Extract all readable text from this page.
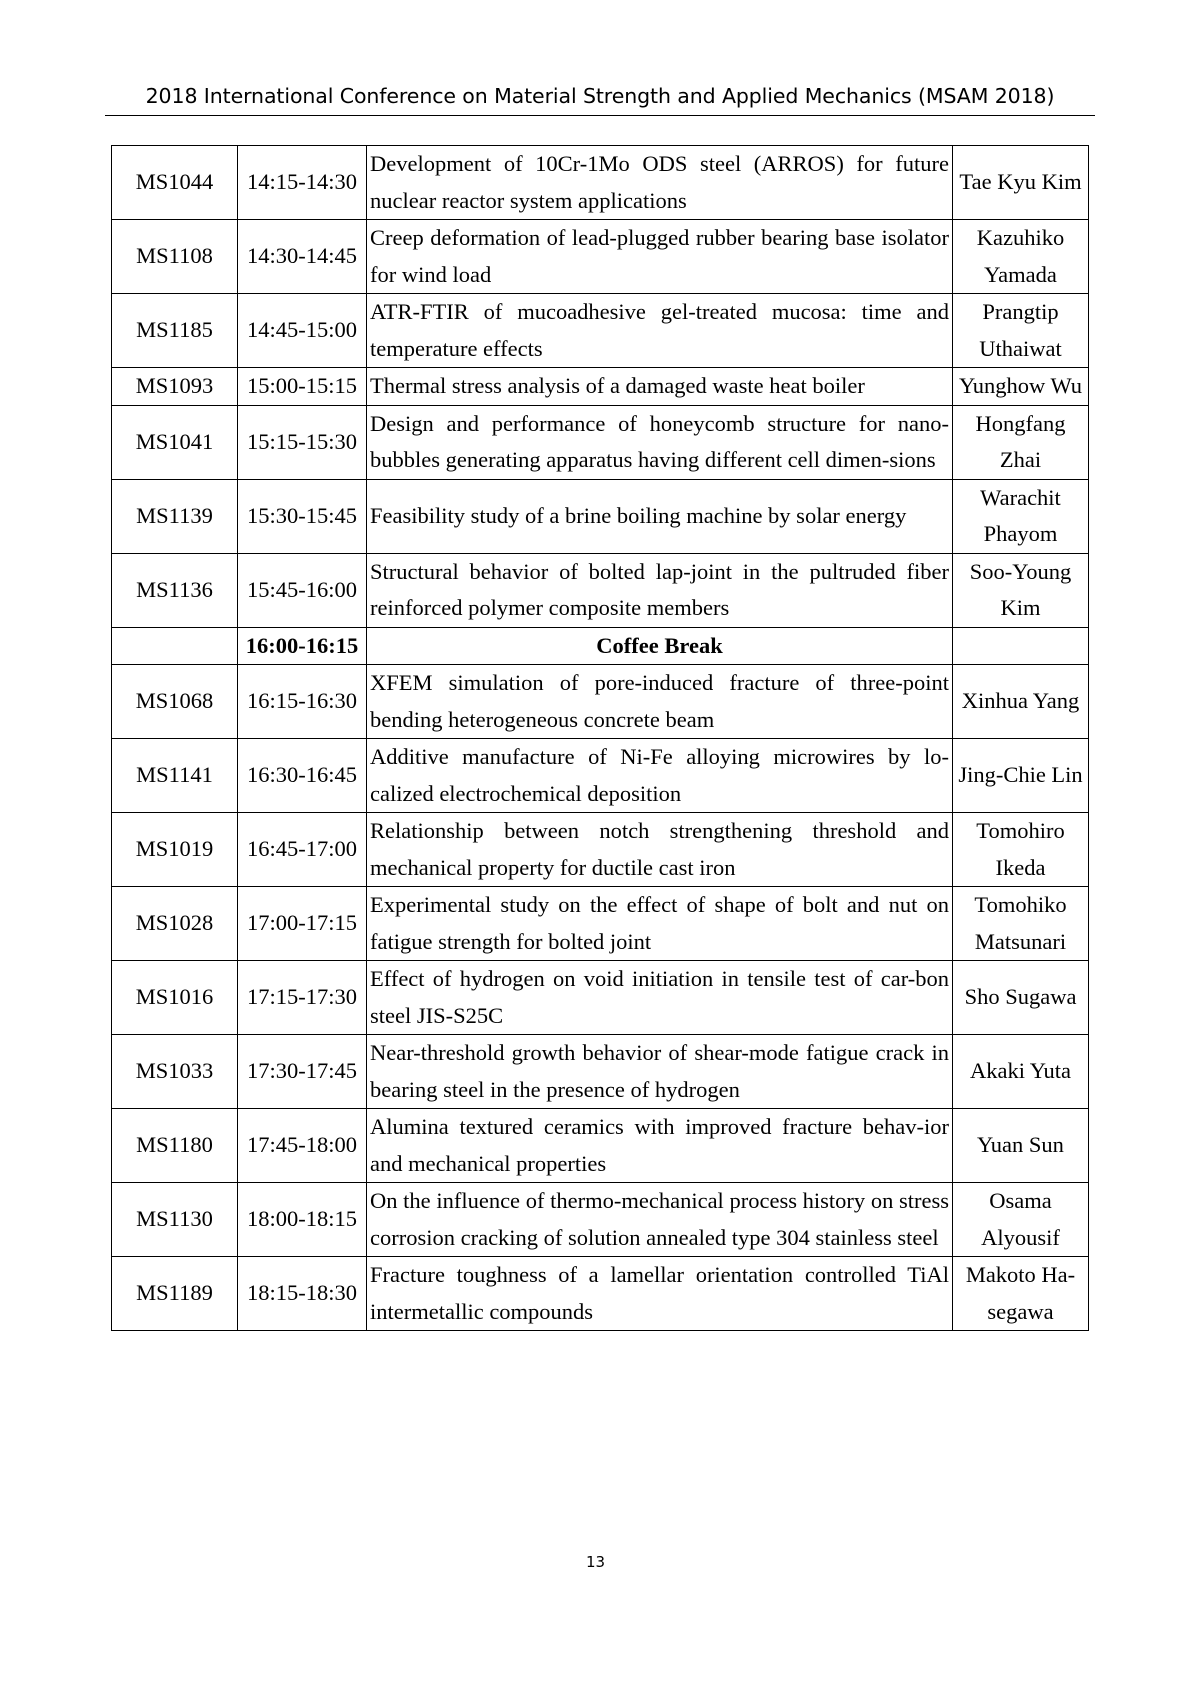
2018 International Conference on Material Strength and Applied Mechanics (MSAM 2018)
MS1044	14:15-14:30	Development of 10Cr-1Mo ODS steel (ARROS) for future nuclear reactor system applications	Tae Kyu Kim
MS1108	14:30-14:45	Creep deformation of lead-plugged rubber bearing base isolator for wind load	Kazuhiko Yamada
MS1185	14:45-15:00	ATR-FTIR of mucoadhesive gel-treated mucosa: time and temperature effects	Prangtip Uthaiwat
MS1093	15:00-15:15	Thermal stress analysis of a damaged waste heat boiler	Yunghow Wu
MS1041	15:15-15:30	Design and performance of honeycomb structure for nano-bubbles generating apparatus having different cell dimen-sions	Hongfang Zhai
MS1139	15:30-15:45	Feasibility study of a brine boiling machine by solar energy	Warachit Phayom
MS1136	15:45-16:00	Structural behavior of bolted lap-joint in the pultruded fiber reinforced polymer composite members	Soo-Young Kim
	16:00-16:15	Coffee Break	
MS1068	16:15-16:30	XFEM simulation of pore-induced fracture of three-point bending heterogeneous concrete beam	Xinhua Yang
MS1141	16:30-16:45	Additive manufacture of Ni-Fe alloying microwires by lo-calized electrochemical deposition	Jing-Chie Lin
MS1019	16:45-17:00	Relationship between notch strengthening threshold and mechanical property for ductile cast iron	Tomohiro Ikeda
MS1028	17:00-17:15	Experimental study on the effect of shape of bolt and nut on fatigue strength for bolted joint	Tomohiko Matsunari
MS1016	17:15-17:30	Effect of hydrogen on void initiation in tensile test of car-bon steel JIS-S25C	Sho Sugawa
MS1033	17:30-17:45	Near-threshold growth behavior of shear-mode fatigue crack in bearing steel in the presence of hydrogen	Akaki Yuta
MS1180	17:45-18:00	Alumina textured ceramics with improved fracture behav-ior and mechanical properties	Yuan Sun
MS1130	18:00-18:15	On the influence of thermo-mechanical process history on stress corrosion cracking of solution annealed type 304 stainless steel	Osama Alyousif
MS1189	18:15-18:30	Fracture toughness of a lamellar orientation controlled TiAl intermetallic compounds	Makoto Ha-segawa
13
